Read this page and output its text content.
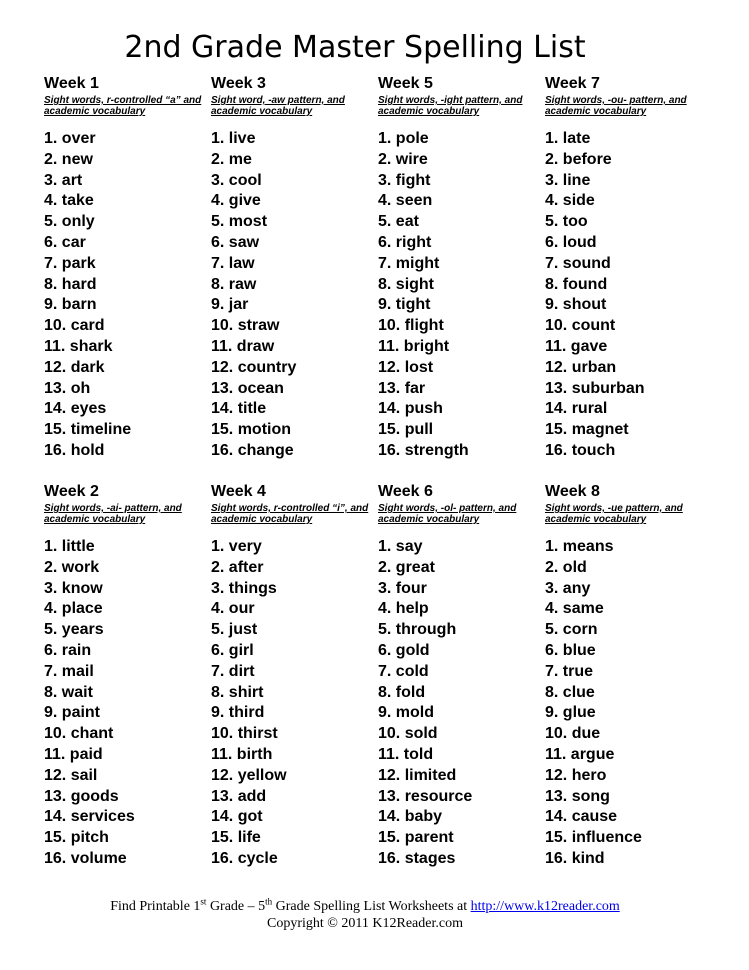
2nd Grade Master Spelling List
Week 1
Sight words, r-controlled “a” and academic vocabulary
1. over
2. new
3. art
4. take
5. only
6. car
7. park
8. hard
9. barn
10. card
11. shark
12. dark
13. oh
14. eyes
15. timeline
16. hold
Week 3
Sight word, -aw pattern, and academic vocabulary
1. live
2. me
3. cool
4. give
5. most
6. saw
7. law
8. raw
9. jar
10. straw
11. draw
12. country
13. ocean
14. title
15. motion
16. change
Week 5
Sight words, -ight pattern, and academic vocabulary
1. pole
2. wire
3. fight
4. seen
5. eat
6. right
7. might
8. sight
9. tight
10. flight
11. bright
12. lost
13. far
14. push
15. pull
16. strength
Week 7
Sight words, -ou- pattern, and academic vocabulary
1. late
2. before
3. line
4. side
5. too
6. loud
7. sound
8. found
9. shout
10. count
11. gave
12. urban
13. suburban
14. rural
15. magnet
16. touch
Week 2
Sight words, -ai- pattern, and academic vocabulary
1. little
2. work
3. know
4. place
5. years
6. rain
7. mail
8. wait
9. paint
10. chant
11. paid
12. sail
13. goods
14. services
15. pitch
16. volume
Week 4
Sight words, r-controlled “i”, and academic vocabulary
1. very
2. after
3. things
4. our
5. just
6. girl
7. dirt
8. shirt
9. third
10. thirst
11. birth
12. yellow
13. add
14. got
15. life
16. cycle
Week 6
Sight words, -ol- pattern, and academic vocabulary
1. say
2. great
3. four
4. help
5. through
6. gold
7. cold
8. fold
9. mold
10. sold
11. told
12. limited
13. resource
14. baby
15. parent
16. stages
Week 8
Sight words, -ue pattern, and academic vocabulary
1. means
2. old
3. any
4. same
5. corn
6. blue
7. true
8. clue
9. glue
10. due
11. argue
12. hero
13. song
14. cause
15. influence
16. kind
Find Printable 1st Grade – 5th Grade Spelling List Worksheets at http://www.k12reader.com
Copyright © 2011 K12Reader.com
